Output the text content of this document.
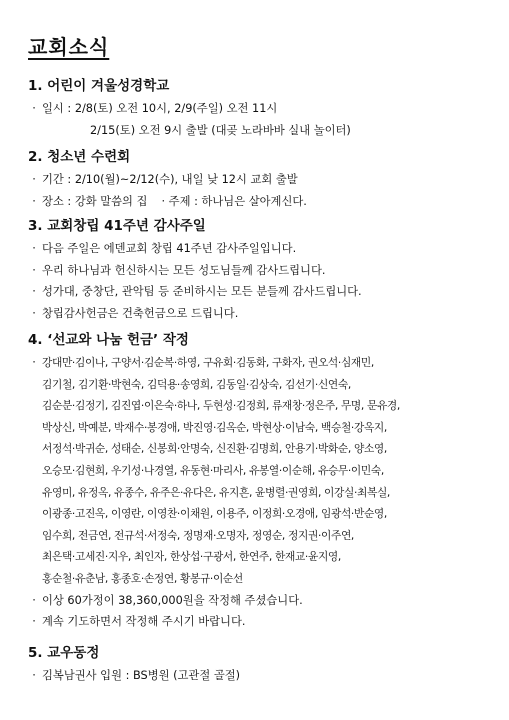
교회소식
1. 어린이 겨울성경학교
· 일시 : 2/8(토) 오전 10시, 2/9(주일) 오전 11시
2/15(토) 오전 9시 출발 (대곶 노라바바 실내 놀이터)
2. 청소년 수련회
· 기간 : 2/10(월)~2/12(수), 내일 낮 12시 교회 출발
· 장소 : 강화 말씀의 집 · 주제 : 하나님은 살아계신다.
3. 교회창립 41주년 감사주일
· 다음 주일은 에덴교회 창립 41주년 감사주일입니다.
· 우리 하나님과 헌신하시는 모든 성도님들께 감사드립니다.
· 성가대, 중창단, 관악팀 등 준비하시는 모든 분들께 감사드립니다.
· 창립감사헌금은 건축헌금으로 드립니다.
4. ‘선교와 나눔 헌금’ 작정
· 강대만·김이나, 구양서·김순복·하영, 구유회·김동화, 구화자, 권오석·심재민,
김기철, 김기환·박현숙, 김덕용·송영희, 김동일·김상숙, 김선기·신연숙,
김순분·김정기, 김진엽·이은숙·하나, 두현성·김정희, 류재창·정은주, 무명, 문유경,
박상신, 박예분, 박재수·봉경애, 박진영·김옥순, 박현상·이남숙, 백승철·강옥지,
서정석·박귀순, 성태순, 신봉희·안명숙, 신진환·김명희, 안용기·박화순, 양소영,
오승모·김현희, 우기성·나경열, 유동현·마리사, 유봉열·이순해, 유승무·이민숙,
유영미, 유정옥, 유종수, 유주은·유다은, 유지흔, 윤병렬·권영희, 이강실·최복실,
이광종·고진옥, 이영란, 이영찬·이채원, 이용주, 이정희·오경애, 임광석·반순영,
임수희, 전금연, 전규석·서정숙, 정명재·오명자, 정영순, 정지권·이주연,
최은택·고세진·지우, 최인자, 한상섭·구광서, 한연주, 한재교·윤지영,
홍순철·유춘남, 홍종호·손정연, 황봉규·이순선
· 이상 60가정이 38,360,000원을 작정해 주셨습니다.
· 계속 기도하면서 작정해 주시기 바랍니다.
5. 교우동정
· 김복남권사 입원 : BS병원 (고관절 골절)
